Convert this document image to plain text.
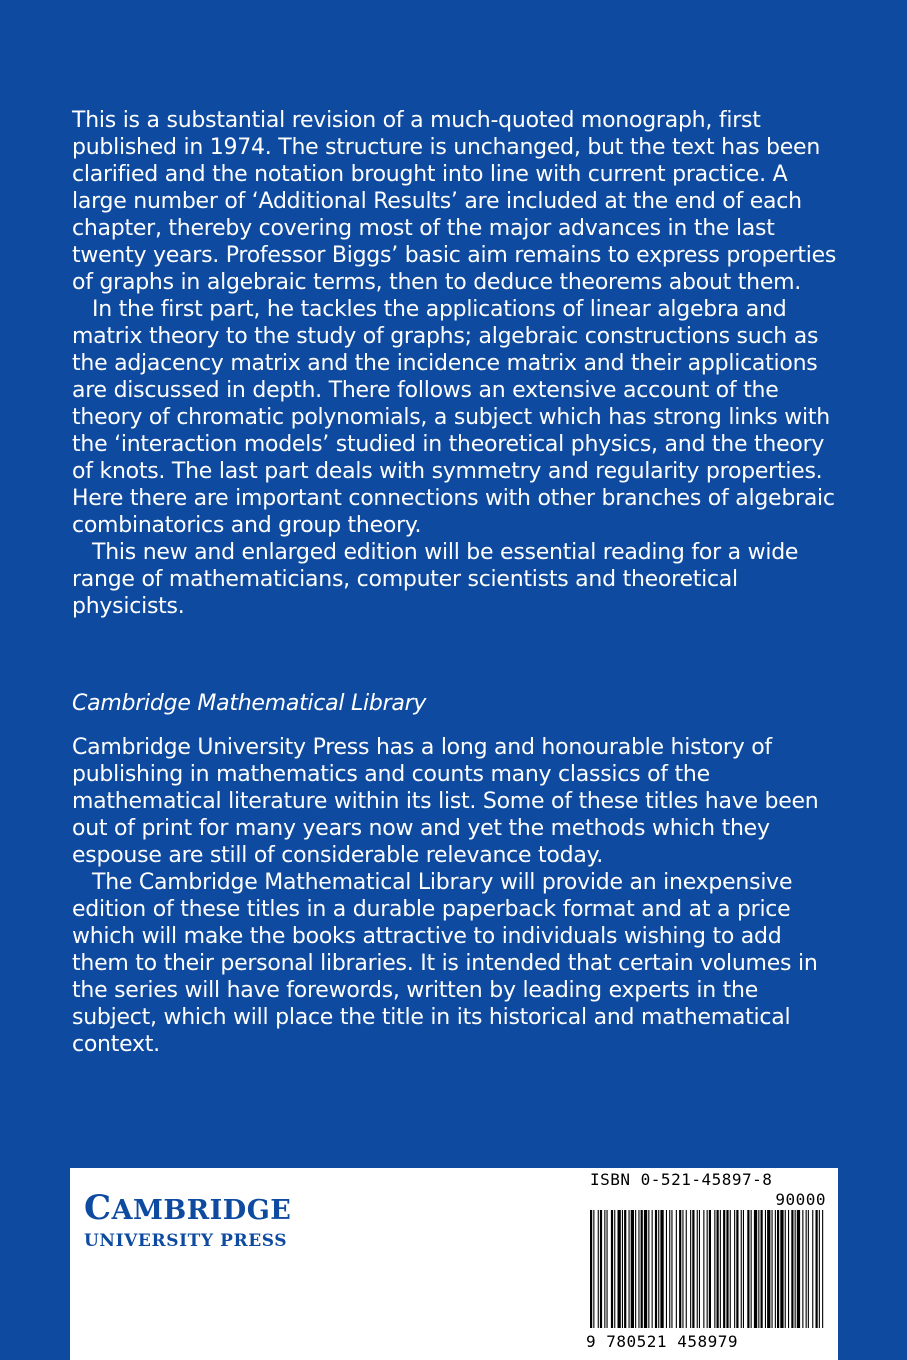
This is a substantial revision of a much-quoted monograph, first published in 1974. The structure is unchanged, but the text has been clarified and the notation brought into line with current practice. A large number of ‘Additional Results’ are included at the end of each chapter, thereby covering most of the major advances in the last twenty years. Professor Biggs’ basic aim remains to express properties of graphs in algebraic terms, then to deduce theorems about them.

In the first part, he tackles the applications of linear algebra and matrix theory to the study of graphs; algebraic constructions such as the adjacency matrix and the incidence matrix and their applications are discussed in depth. There follows an extensive account of the theory of chromatic polynomials, a subject which has strong links with the ‘interaction models’ studied in theoretical physics, and the theory of knots. The last part deals with symmetry and regularity properties. Here there are important connections with other branches of algebraic combinatorics and group theory.

This new and enlarged edition will be essential reading for a wide range of mathematicians, computer scientists and theoretical physicists.

Cambridge Mathematical Library

Cambridge University Press has a long and honourable history of publishing in mathematics and counts many classics of the mathematical literature within its list. Some of these titles have been out of print for many years now and yet the methods which they espouse are still of considerable relevance today.

The Cambridge Mathematical Library will provide an inexpensive edition of these titles in a durable paperback format and at a price which will make the books attractive to individuals wishing to add them to their personal libraries. It is intended that certain volumes in the series will have forewords, written by leading experts in the subject, which will place the title in its historical and mathematical context.

CAMBRIDGE
UNIVERSITY PRESS
ISBN 0-521-45897-8
90000
9 780521 458979
